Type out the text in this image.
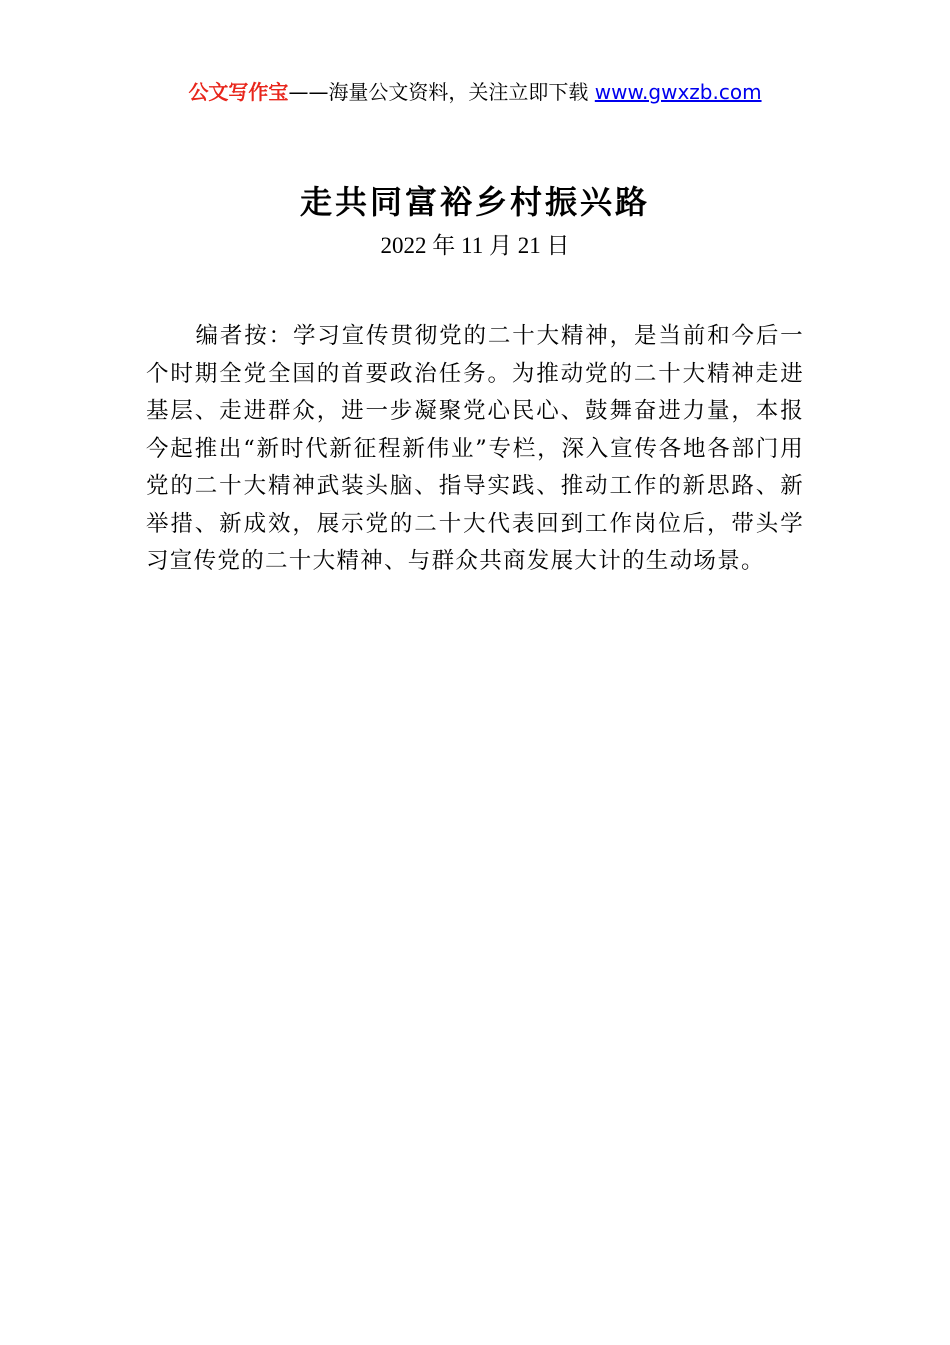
公文写作宝——海量公文资料，关注立即下载 www.gwxzb.com
走共同富裕乡村振兴路
2022 年 11 月 21 日

编者按：学习宣传贯彻党的二十大精神，是当前和今后一个时期全党全国的首要政治任务。为推动党的二十大精神走进基层、走进群众，进一步凝聚党心民心、鼓舞奋进力量，本报今起推出“新时代新征程新伟业”专栏，深入宣传各地各部门用党的二十大精神武装头脑、指导实践、推动工作的新思路、新举措、新成效，展示党的二十大代表回到工作岗位后，带头学习宣传党的二十大精神、与群众共商发展大计的生动场景。
